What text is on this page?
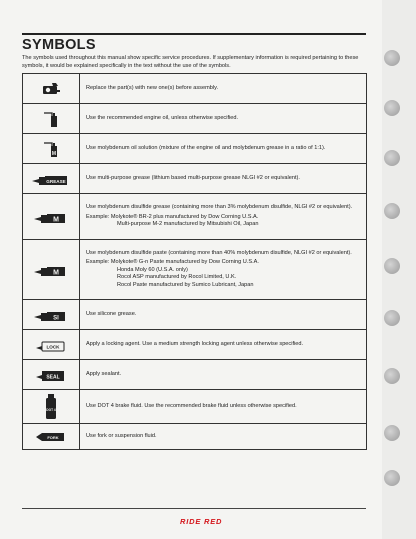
SYMBOLS

The symbols used throughout this manual show specific service procedures. If supplementary information is required pertaining to these symbols, it would be explained specifically in the text without the use of the symbols.

	Replace the part(s) with new one(s) before assembly.

	Use the recommended engine oil, unless otherwise specified.

M	Use molybdenum oil solution (mixture of the engine oil and molybdenum grease in a ratio of 1:1).

GREASE	Use multi-purpose grease (lithium based multi-purpose grease NLGI #2 or equivalent).

M	Use molybdenum disulfide grease (containing more than 3% molybdenum disulfide, NLGI #2 or equivalent).
Example: Molykote® BR-2 plus manufactured by Dow Corning U.S.A.
Multi-purpose M-2 manufactured by Mitsubishi Oil, Japan

M	Use molybdenum disulfide paste (containing more than 40% molybdenum disulfide, NLGI #2 or equivalent).
Example: Molykote® G-n Paste manufactured by Dow Corning U.S.A.
Honda Moly 60 (U.S.A. only)
Rocol ASP manufactured by Rocol Limited, U.K.
Rocol Paste manufactured by Sumico Lubricant, Japan

SI	Use silicone grease.

LOCK	Apply a locking agent. Use a medium strength locking agent unless otherwise specified.

SEAL	Apply sealant.

DOT 4	Use DOT 4 brake fluid. Use the recommended brake fluid unless otherwise specified.

FORK	Use fork or suspension fluid.
RIDE RED
